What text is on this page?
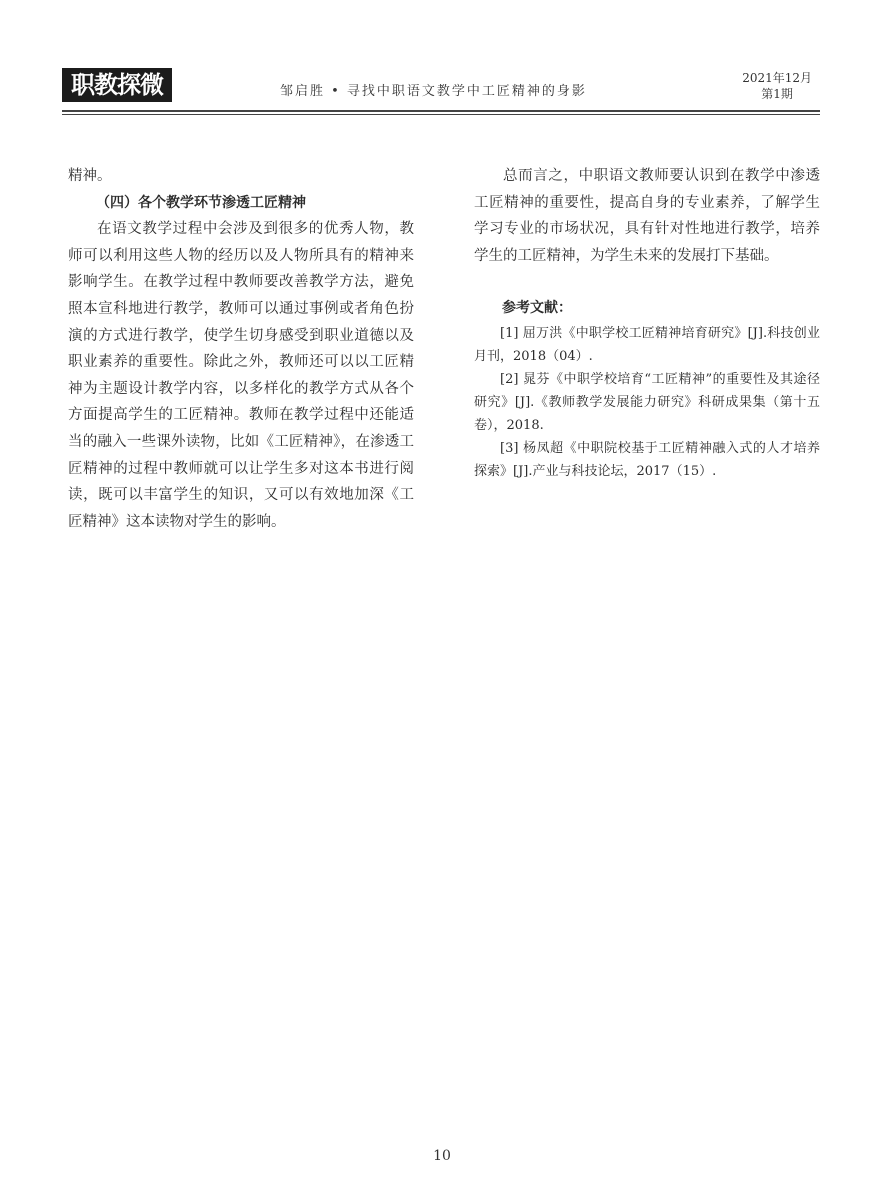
职教探微	邹启胜 • 寻找中职语文教学中工匠精神的身影
2021年12月
第1期

精神。

（四）各个教学环节渗透工匠精神

在语文教学过程中会涉及到很多的优秀人物，教师可以利用这些人物的经历以及人物所具有的精神来影响学生。在教学过程中教师要改善教学方法，避免照本宣科地进行教学，教师可以通过事例或者角色扮演的方式进行教学，使学生切身感受到职业道德以及职业素养的重要性。除此之外，教师还可以以工匠精神为主题设计教学内容，以多样化的教学方式从各个方面提高学生的工匠精神。教师在教学过程中还能适当的融入一些课外读物，比如《工匠精神》，在渗透工匠精神的过程中教师就可以让学生多对这本书进行阅读，既可以丰富学生的知识，又可以有效地加深《工匠精神》这本读物对学生的影响。

总而言之，中职语文教师要认识到在教学中渗透工匠精神的重要性，提高自身的专业素养，了解学生学习专业的市场状况，具有针对性地进行教学，培养学生的工匠精神，为学生未来的发展打下基础。

参考文献：

[1] 屈万洪《中职学校工匠精神培育研究》[J].科技创业月刊，2018（04）.

[2] 晁芬《中职学校培育“工匠精神”的重要性及其途径研究》[J].《教师教学发展能力研究》科研成果集（第十五卷），2018.

[3] 杨凤超《中职院校基于工匠精神融入式的人才培养探索》[J].产业与科技论坛，2017（15）.

10
